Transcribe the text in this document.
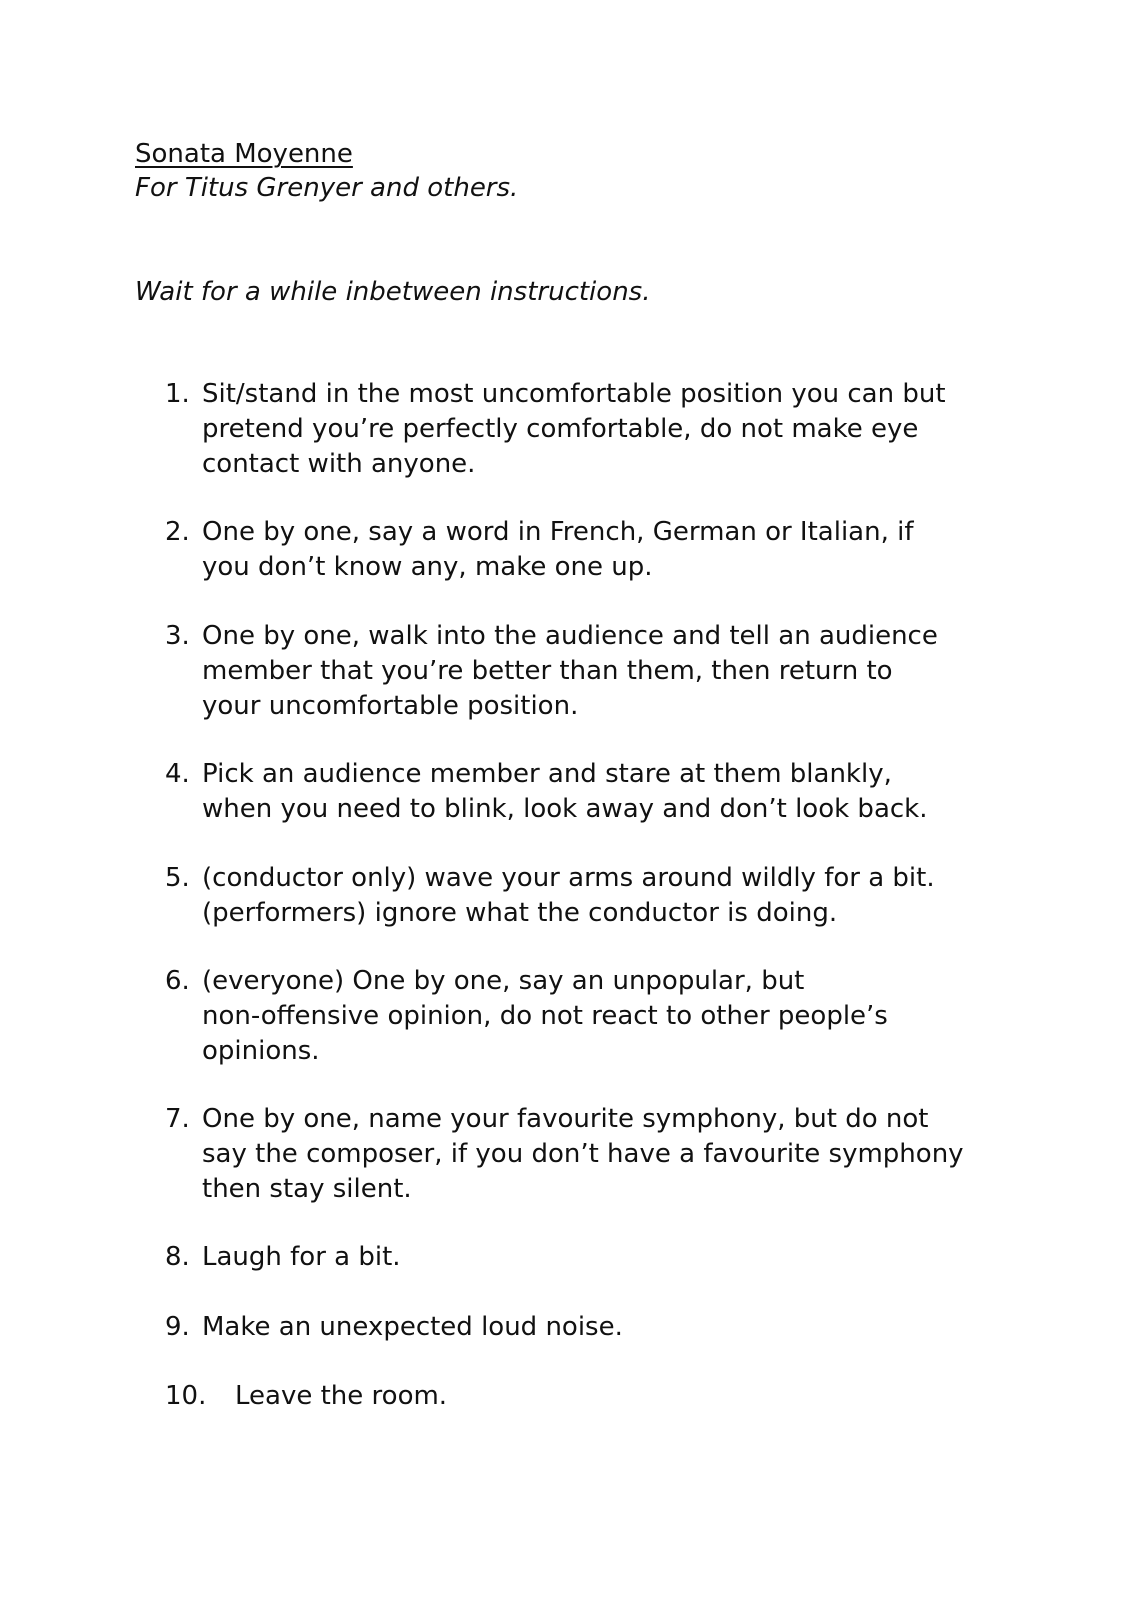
Sonata Moyenne
For Titus Grenyer and others.
Wait for a while inbetween instructions.
1. Sit/stand in the most uncomfortable position you can but
pretend you’re perfectly comfortable, do not make eye
contact with anyone.
2. One by one, say a word in French, German or Italian, if
you don’t know any, make one up.
3. One by one, walk into the audience and tell an audience
member that you’re better than them, then return to
your uncomfortable position.
4. Pick an audience member and stare at them blankly,
when you need to blink, look away and don’t look back.
5. (conductor only) wave your arms around wildly for a bit.
(performers) ignore what the conductor is doing.
6. (everyone) One by one, say an unpopular, but
non-offensive opinion, do not react to other people’s
opinions.
7. One by one, name your favourite symphony, but do not
say the composer, if you don’t have a favourite symphony
then stay silent.
8. Laugh for a bit.
9. Make an unexpected loud noise.
10. Leave the room.
